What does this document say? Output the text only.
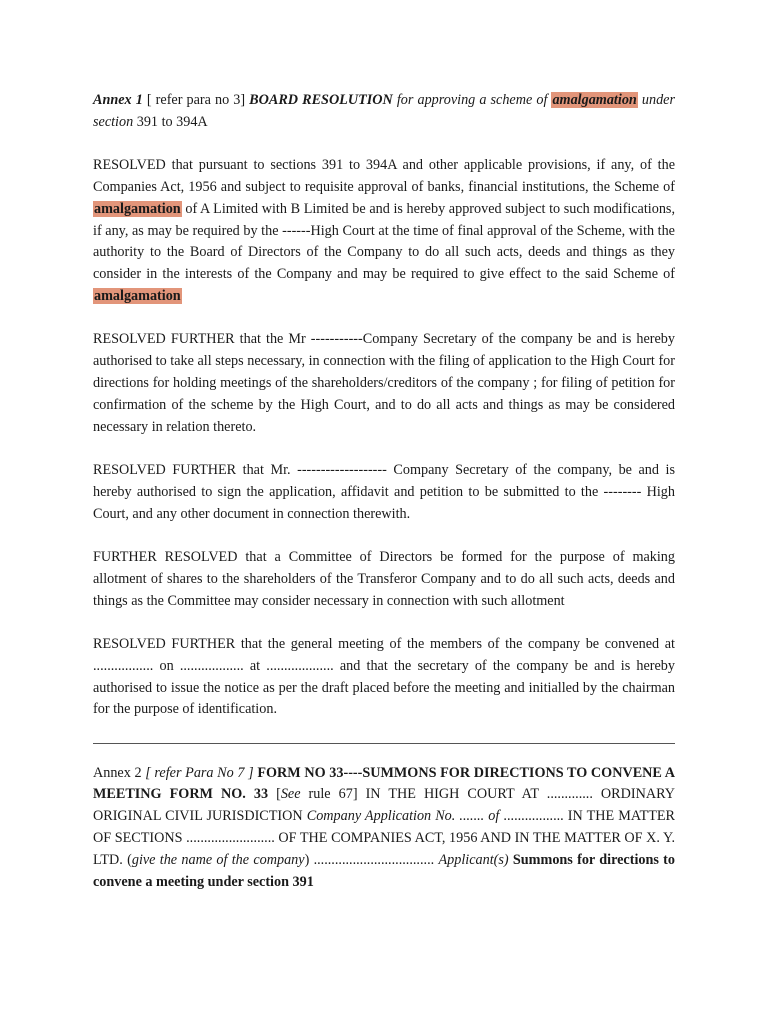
Annex 1 [ refer para no 3] BOARD RESOLUTION for approving a scheme of amalgamation under section 391 to 394A

RESOLVED that pursuant to sections 391 to 394A and other applicable provisions, if any, of the Companies Act, 1956 and subject to requisite approval of banks, financial institutions, the Scheme of amalgamation of A Limited with B Limited be and is hereby approved subject to such modifications, if any, as may be required by the ------High Court at the time of final approval of the Scheme, with the authority to the Board of Directors of the Company to do all such acts, deeds and things as they consider in the interests of the Company and may be required to give effect to the said Scheme of amalgamation

RESOLVED FURTHER that the Mr -----------Company Secretary of the company be and is hereby authorised to take all steps necessary, in connection with the filing of application to the High Court for directions for holding meetings of the shareholders/creditors of the company ; for filing of petition for confirmation of the scheme by the High Court, and to do all acts and things as may be considered necessary in relation thereto.

RESOLVED FURTHER that Mr. ------------------- Company Secretary of the company, be and is hereby authorised to sign the application, affidavit and petition to be submitted to the -------- High Court, and any other document in connection therewith.

FURTHER RESOLVED that a Committee of Directors be formed for the purpose of making allotment of shares to the shareholders of the Transferor Company and to do all such acts, deeds and things as the Committee may consider necessary in connection with such allotment

RESOLVED FURTHER that the general meeting of the members of the company be convened at ................. on .................. at ................... and that the secretary of the company be and is hereby authorised to issue the notice as per the draft placed before the meeting and initialled by the chairman for the purpose of identification.

Annex 2 [ refer Para No 7 ] FORM NO 33----SUMMONS FOR DIRECTIONS TO CONVENE A MEETING FORM NO. 33 [See rule 67] IN THE HIGH COURT AT ............. ORDINARY ORIGINAL CIVIL JURISDICTION Company Application No. ....... of ................. IN THE MATTER OF SECTIONS ......................... OF THE COMPANIES ACT, 1956 AND IN THE MATTER OF X. Y. LTD. (give the name of the company) .................................. Applicant(s) Summons for directions to convene a meeting under section 391
